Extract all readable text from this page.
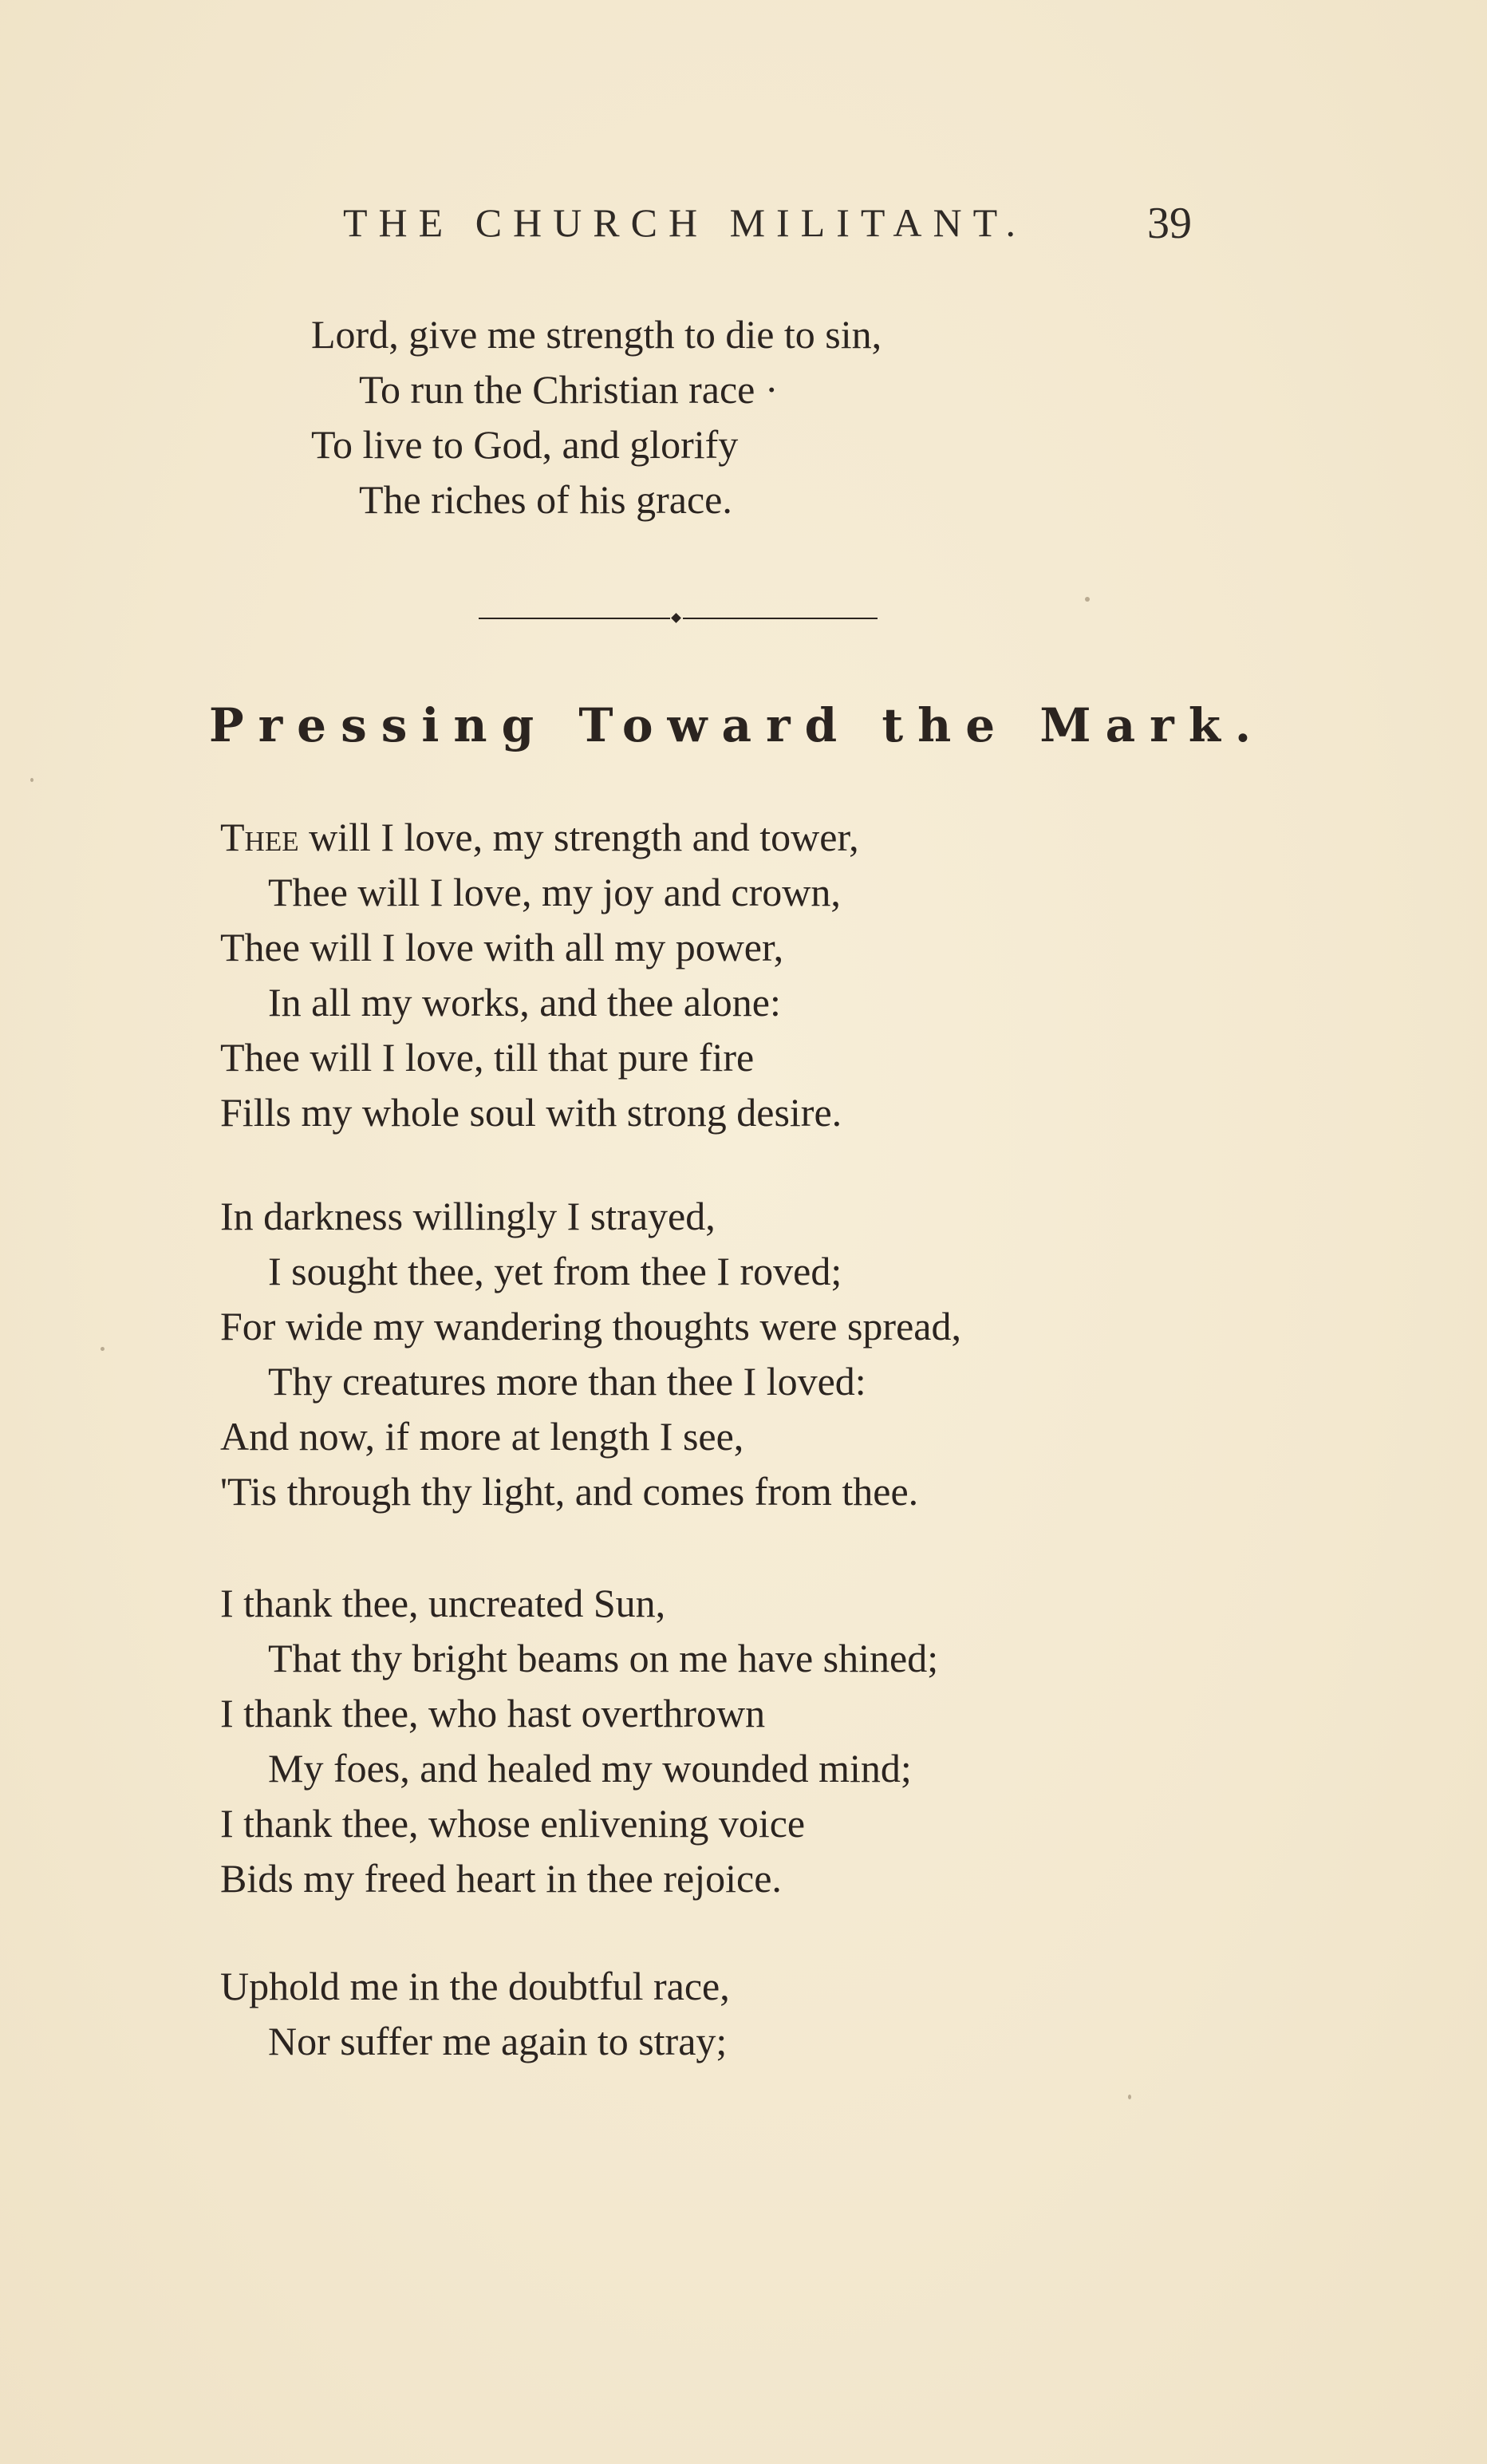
THE CHURCH MILITANT.	39
Lord, give me strength to die to sin,
To run the Christian race ·
To live to God, and glorify
The riches of his grace.
Pressing Toward the Mark.
Thee will I love, my strength and tower,
Thee will I love, my joy and crown,
Thee will I love with all my power,
In all my works, and thee alone:
Thee will I love, till that pure fire
Fills my whole soul with strong desire.
In darkness willingly I strayed,
I sought thee, yet from thee I roved;
For wide my wandering thoughts were spread,
Thy creatures more than thee I loved:
And now, if more at length I see,
'Tis through thy light, and comes from thee.
I thank thee, uncreated Sun,
That thy bright beams on me have shined;
I thank thee, who hast overthrown
My foes, and healed my wounded mind;
I thank thee, whose enlivening voice
Bids my freed heart in thee rejoice.
Uphold me in the doubtful race,
Nor suffer me again to stray;
